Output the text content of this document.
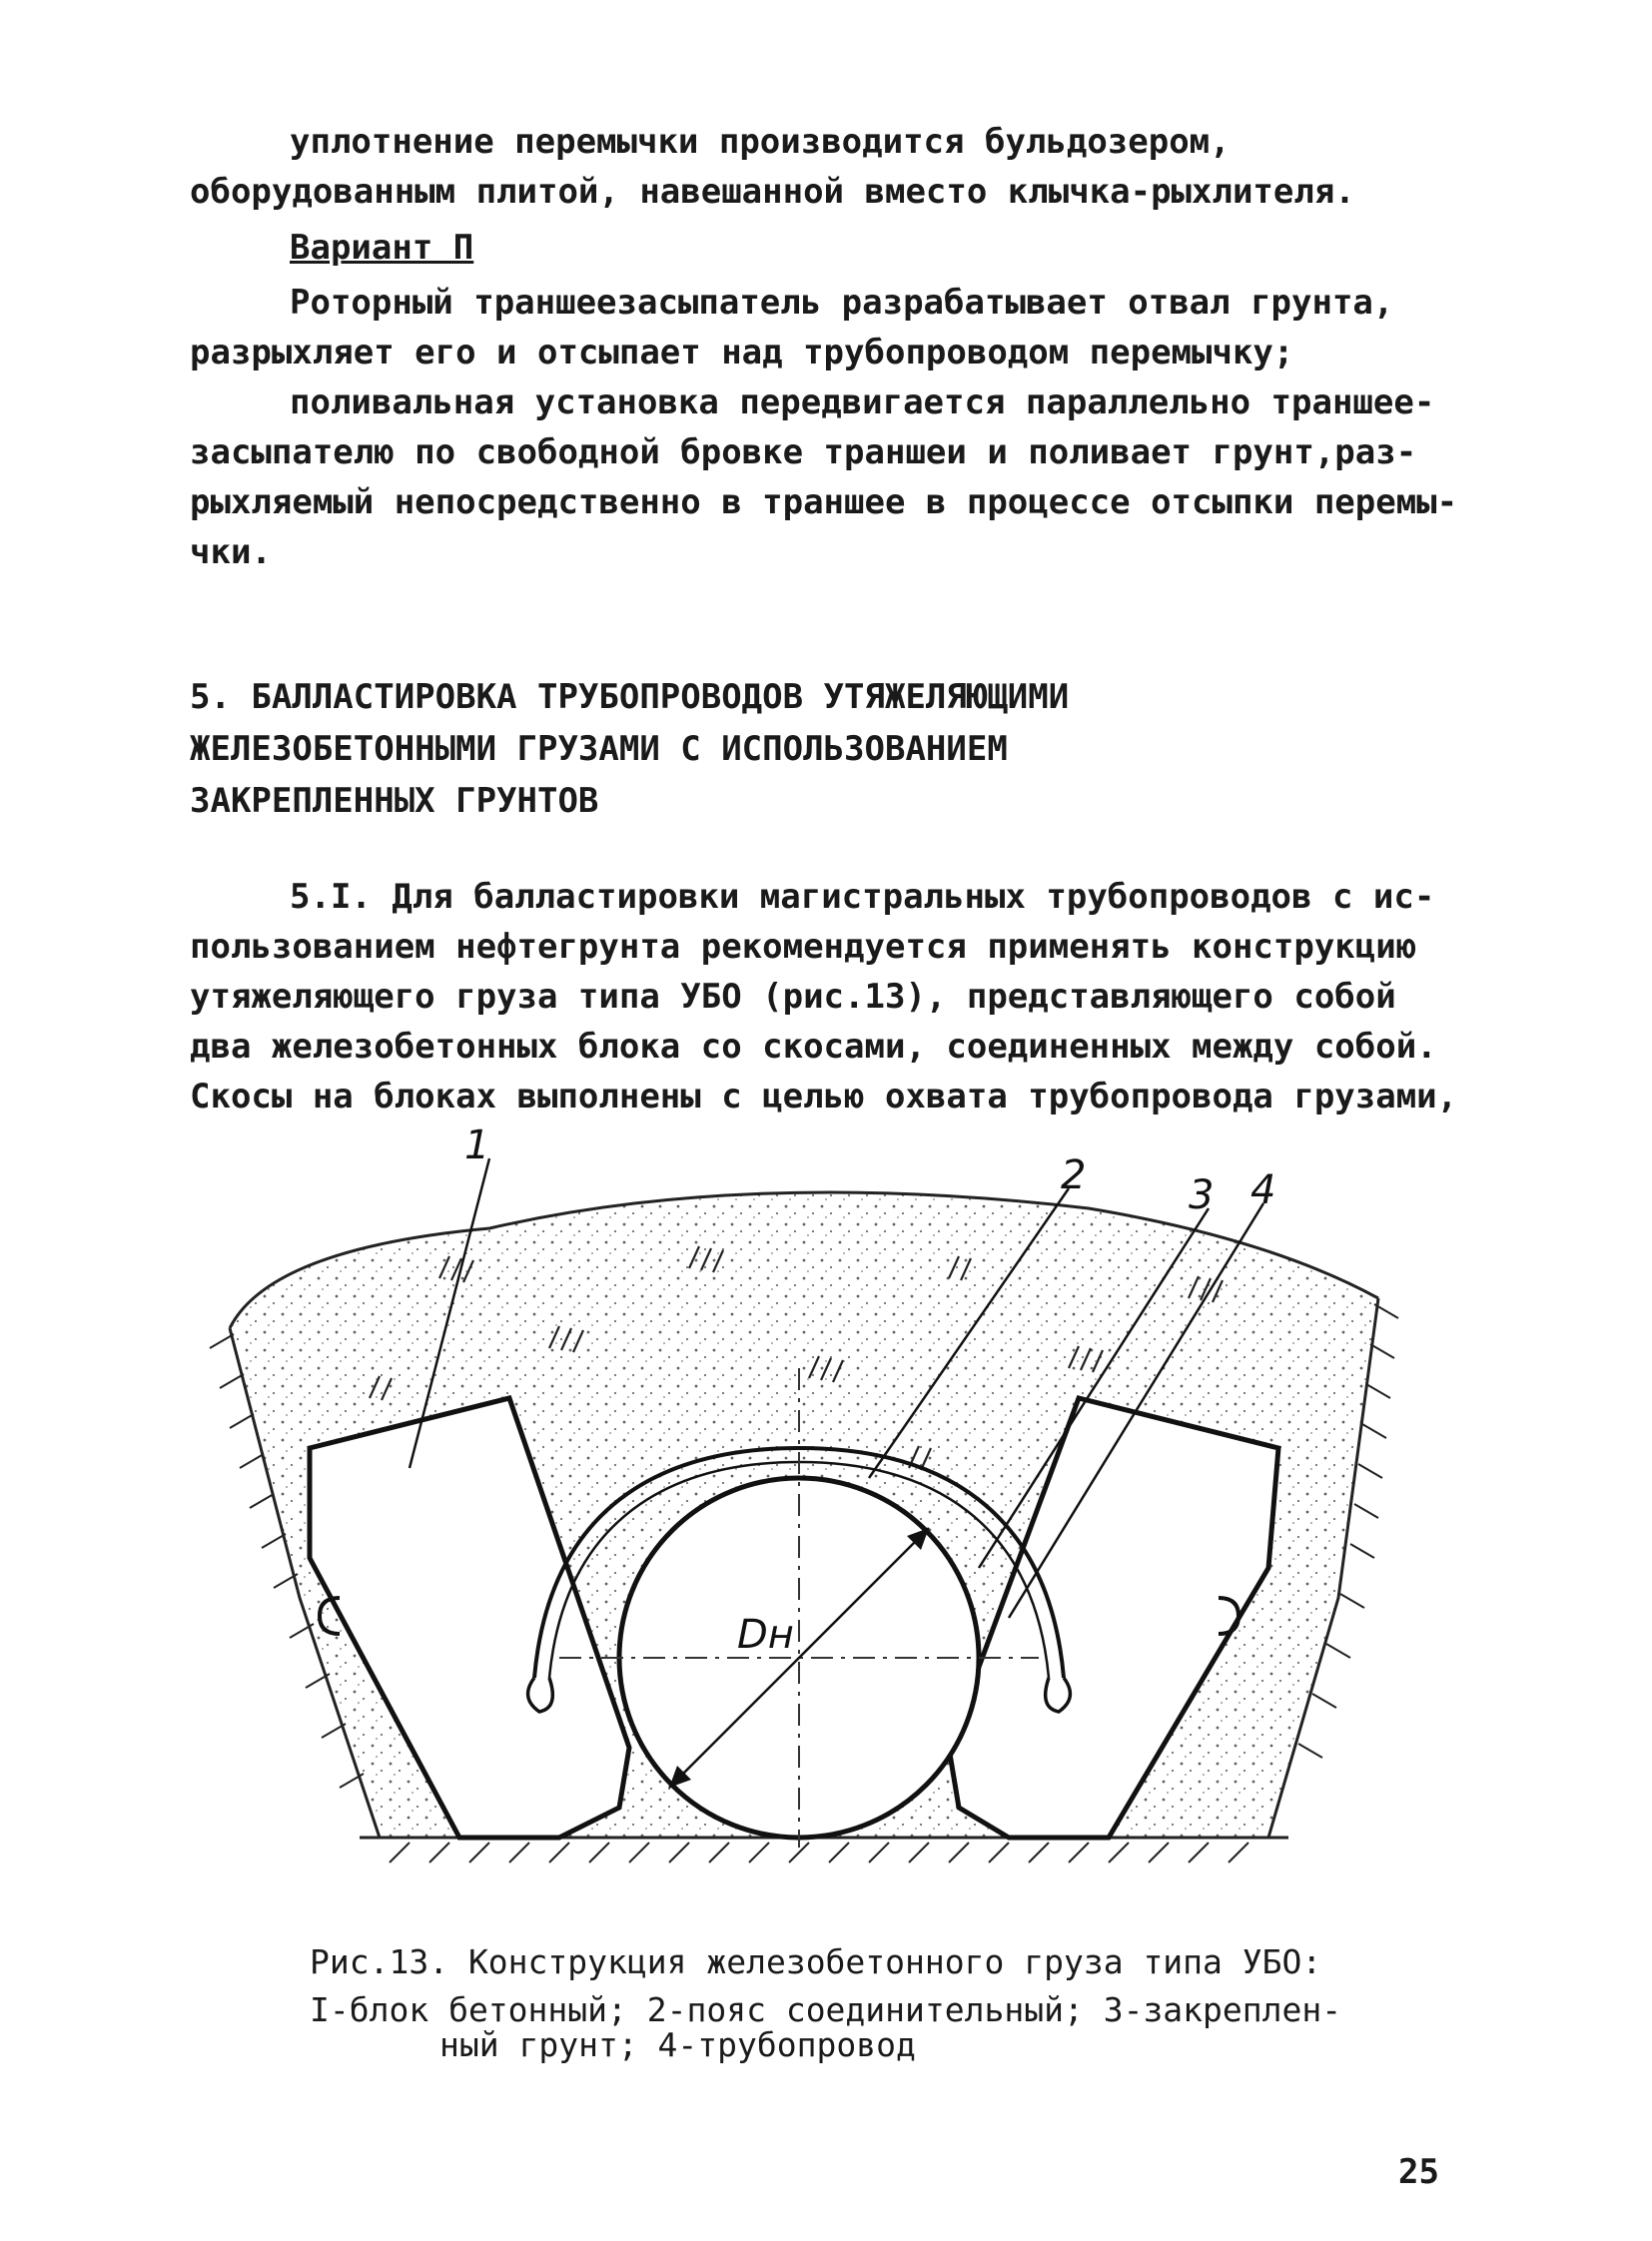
уплотнение перемычки производится бульдозером,
оборудованным плитой, навешанной вместо клычка-рыхлителя.
Вариант П
Роторный траншеезасыпатель разрабатывает отвал грунта,
разрыхляет его и отсыпает над трубопроводом перемычку;
поливальная установка передвигается параллельно траншее-
засыпателю по свободной бровке траншеи и поливает грунт,раз-
рыхляемый непосредственно в траншее в процессе отсыпки перемы-
чки.
5. БАЛЛАСТИРОВКА ТРУБОПРОВОДОВ УТЯЖЕЛЯЮЩИМИ
ЖЕЛЕЗОБЕТОННЫМИ ГРУЗАМИ С ИСПОЛЬЗОВАНИЕМ
ЗАКРЕПЛЕННЫХ ГРУНТОВ
5.I. Для балластировки магистральных трубопроводов с ис-
пользованием нефтегрунта рекомендуется применять конструкцию
утяжеляющего груза типа УБО (рис.13), представляющего собой
два железобетонных блока со скосами, соединенных между собой.
Скосы на блоках выполнены с целью охвата трубопровода грузами,
Dн
1
2	3 4
Рис.13. Конструкция железобетонного груза типа УБО:
I-блок бетонный; 2-пояс соединительный; 3-закреплен-
ный грунт; 4-трубопровод
25
